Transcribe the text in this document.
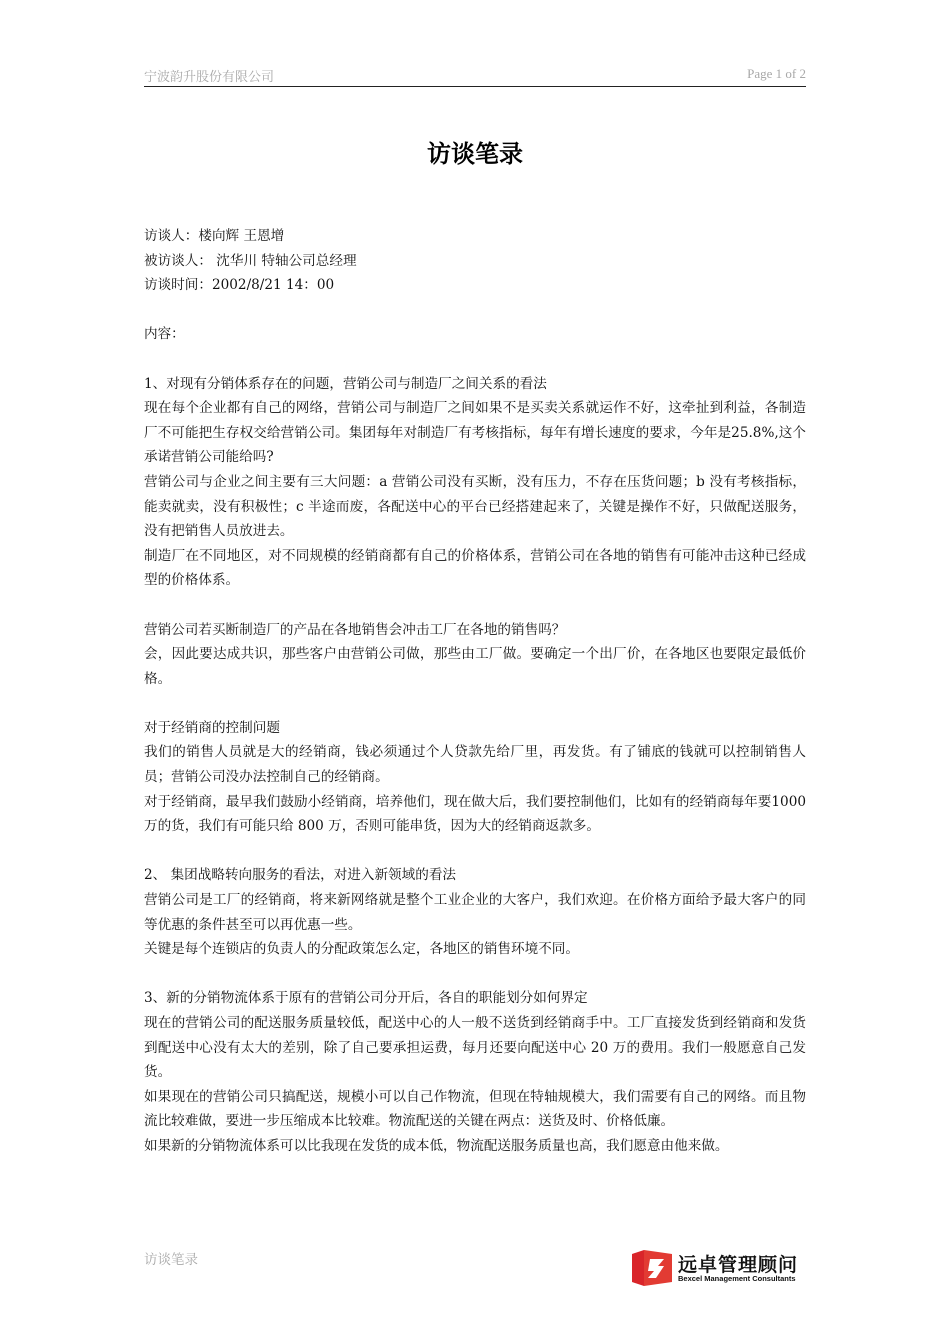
宁波韵升股份有限公司	Page 1 of 2
访谈笔录

访谈人：楼向辉 王恩增

被访谈人： 沈华川 特轴公司总经理

访谈时间：2002/8/21 14：00

内容：

1、对现有分销体系存在的问题，营销公司与制造厂之间关系的看法

现在每个企业都有自己的网络，营销公司与制造厂之间如果不是买卖关系就运作不好，这牵扯到利益，各制造厂不可能把生存权交给营销公司。集团每年对制造厂有考核指标，每年有增长速度的要求，今年是25.8%,这个承诺营销公司能给吗?

营销公司与企业之间主要有三大问题：a 营销公司没有买断，没有压力，不存在压货问题；b 没有考核指标，能卖就卖，没有积极性；c 半途而废，各配送中心的平台已经搭建起来了，关键是操作不好，只做配送服务，没有把销售人员放进去。

制造厂在不同地区，对不同规模的经销商都有自己的价格体系，营销公司在各地的销售有可能冲击这种已经成型的价格体系。

营销公司若买断制造厂的产品在各地销售会冲击工厂在各地的销售吗？

会，因此要达成共识，那些客户由营销公司做，那些由工厂做。要确定一个出厂价，在各地区也要限定最低价格。

对于经销商的控制问题

我们的销售人员就是大的经销商，钱必须通过个人贷款先给厂里，再发货。有了铺底的钱就可以控制销售人员；营销公司没办法控制自己的经销商。

对于经销商，最早我们鼓励小经销商，培养他们，现在做大后，我们要控制他们，比如有的经销商每年要1000 万的货，我们有可能只给 800 万，否则可能串货，因为大的经销商返款多。

2、 集团战略转向服务的看法，对进入新领域的看法

营销公司是工厂的经销商，将来新网络就是整个工业企业的大客户，我们欢迎。在价格方面给予最大客户的同等优惠的条件甚至可以再优惠一些。

关键是每个连锁店的负责人的分配政策怎么定，各地区的销售环境不同。

3、新的分销物流体系于原有的营销公司分开后，各自的职能划分如何界定

现在的营销公司的配送服务质量较低，配送中心的人一般不送货到经销商手中。工厂直接发货到经销商和发货到配送中心没有太大的差别，除了自己要承担运费，每月还要向配送中心 20 万的费用。我们一般愿意自己发货。

如果现在的营销公司只搞配送，规模小可以自己作物流，但现在特轴规模大，我们需要有自己的网络。而且物流比较难做，要进一步压缩成本比较难。物流配送的关键在两点：送货及时、价格低廉。

如果新的分销物流体系可以比我现在发货的成本低，物流配送服务质量也高，我们愿意由他来做。

访谈笔录	远卓管理顾问
Bexcel Management Consultants
